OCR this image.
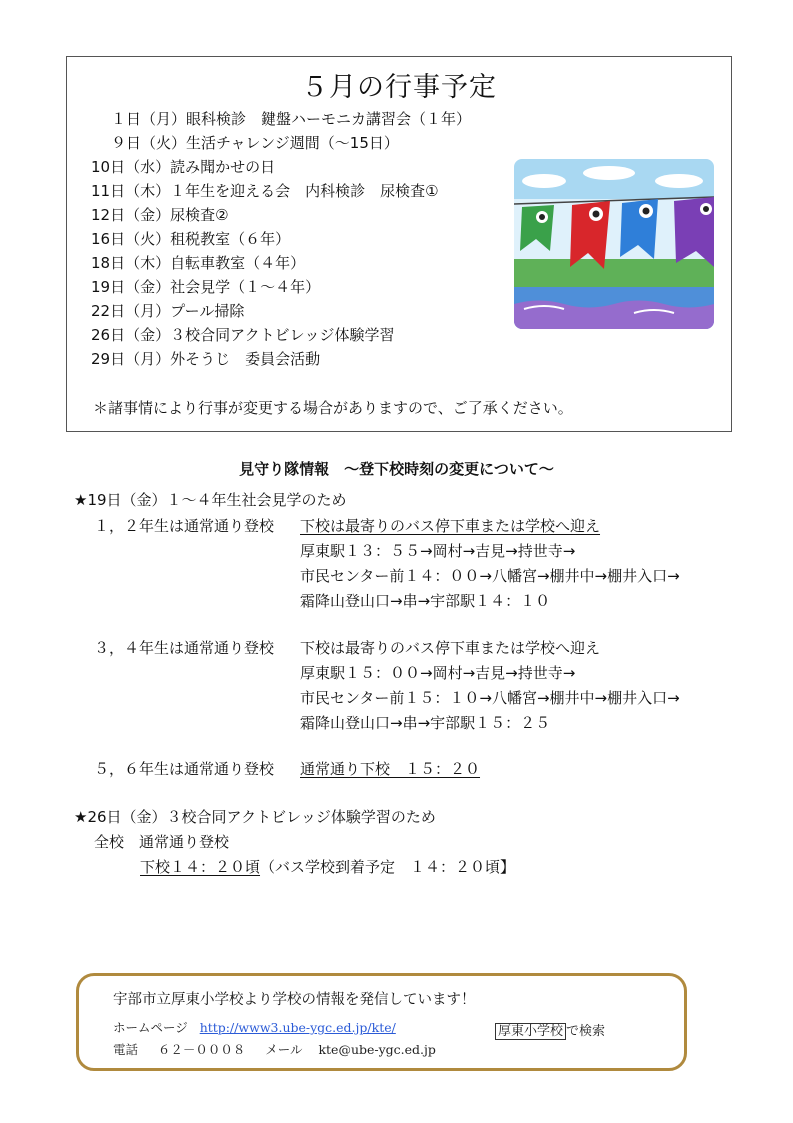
５月の行事予定
１日（月）眼科検診　鍵盤ハーモニカ講習会（１年）
９日（火）生活チャレンジ週間（〜15日）
10日（水）読み聞かせの日
11日（木）１年生を迎える会　内科検診　尿検査①
12日（金）尿検査②
16日（火）租税教室（６年）
18日（木）自転車教室（４年）
19日（金）社会見学（１〜４年）
22日（月）プール掃除
26日（金）３校合同アクトビレッジ体験学習
29日（月）外そうじ　委員会活動
＊諸事情により行事が変更する場合がありますので、ご了承ください。
見守り隊情報　～登下校時刻の変更について～
★19日（金）１～４年生社会見学のため
１，２年生は通常通り登校 下校は最寄りのバス停下車または学校へ迎え
厚東駅１３：５５→岡村→吉見→持世寺→
市民センター前１４：００→八幡宮→棚井中→棚井入口→
霜降山登山口→串→宇部駅１４：１０
３，４年生は通常通り登校 下校は最寄りのバス停下車または学校へ迎え
厚東駅１５：００→岡村→吉見→持世寺→
市民センター前１５：１０→八幡宮→棚井中→棚井入口→
霜降山登山口→串→宇部駅１５：２５
５，６年生は通常通り登校 通常通り下校　１５：２０
★26日（金）３校合同アクトビレッジ体験学習のため
全校　通常通り登校
下校１４：２０頃（バス学校到着予定　１４：２０頃】
宇部市立厚東小学校より学校の情報を発信しています！
ホームページ http://www3.ube-ygc.ed.jp/kte/	厚東小学校 で検索
電話 ６２－０００８ メール kte@ube-ygc.ed.jp
